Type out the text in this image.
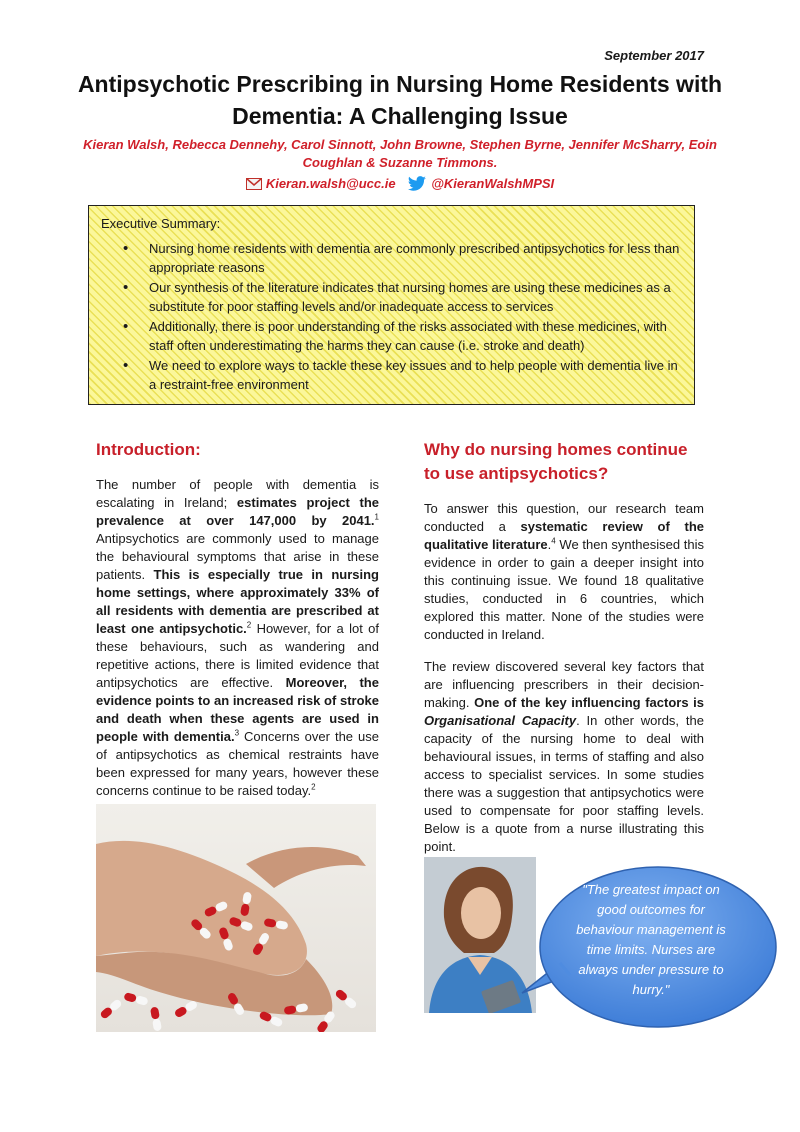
September 2017
Antipsychotic Prescribing in Nursing Home Residents with Dementia: A Challenging Issue
Kieran Walsh, Rebecca Dennehy, Carol Sinnott, John Browne, Stephen Byrne, Jennifer McSharry, Eoin Coughlan & Suzanne Timmons.
Kieran.walsh@ucc.ie	@KieranWalshMPSI
Executive Summary:
• Nursing home residents with dementia are commonly prescribed antipsychotics for less than appropriate reasons
• Our synthesis of the literature indicates that nursing homes are using these medicines as a substitute for poor staffing levels and/or inadequate access to services
• Additionally, there is poor understanding of the risks associated with these medicines, with staff often underestimating the harms they can cause (i.e. stroke and death)
• We need to explore ways to tackle these key issues and to help people with dementia live in a restraint-free environment
Introduction:

The number of people with dementia is escalating in Ireland; estimates project the prevalence at over 147,000 by 2041.$^1$ Antipsychotics are commonly used to manage the behavioural symptoms that arise in these patients. This is especially true in nursing home settings, where approximately 33% of all residents with dementia are prescribed at least one antipsychotic.$^2$ However, for a lot of these behaviours, such as wandering and repetitive actions, there is limited evidence that antipsychotics are effective. Moreover, the evidence points to an increased risk of stroke and death when these agents are used in people with dementia.$^3$ Concerns over the use of antipsychotics as chemical restraints have been expressed for many years, however these concerns continue to be raised today.$^2$

Why do nursing homes continue to use antipsychotics?

To answer this question, our research team conducted a systematic review of the qualitative literature.$^4$ We then synthesised this evidence in order to gain a deeper insight into this continuing issue. We found 18 qualitative studies, conducted in 6 countries, which explored this matter. None of the studies were conducted in Ireland.

The review discovered several key factors that are influencing prescribers in their decision-making. One of the key influencing factors is Organisational Capacity. In other words, the capacity of the nursing home to deal with behavioural issues, in terms of staffing and also access to specialist services. In some studies there was a suggestion that antipsychotics were used to compensate for poor staffing levels. Below is a quote from a nurse illustrating this point.

"The greatest impact on good outcomes for behaviour management is time limits. Nurses are always under pressure to hurry."
